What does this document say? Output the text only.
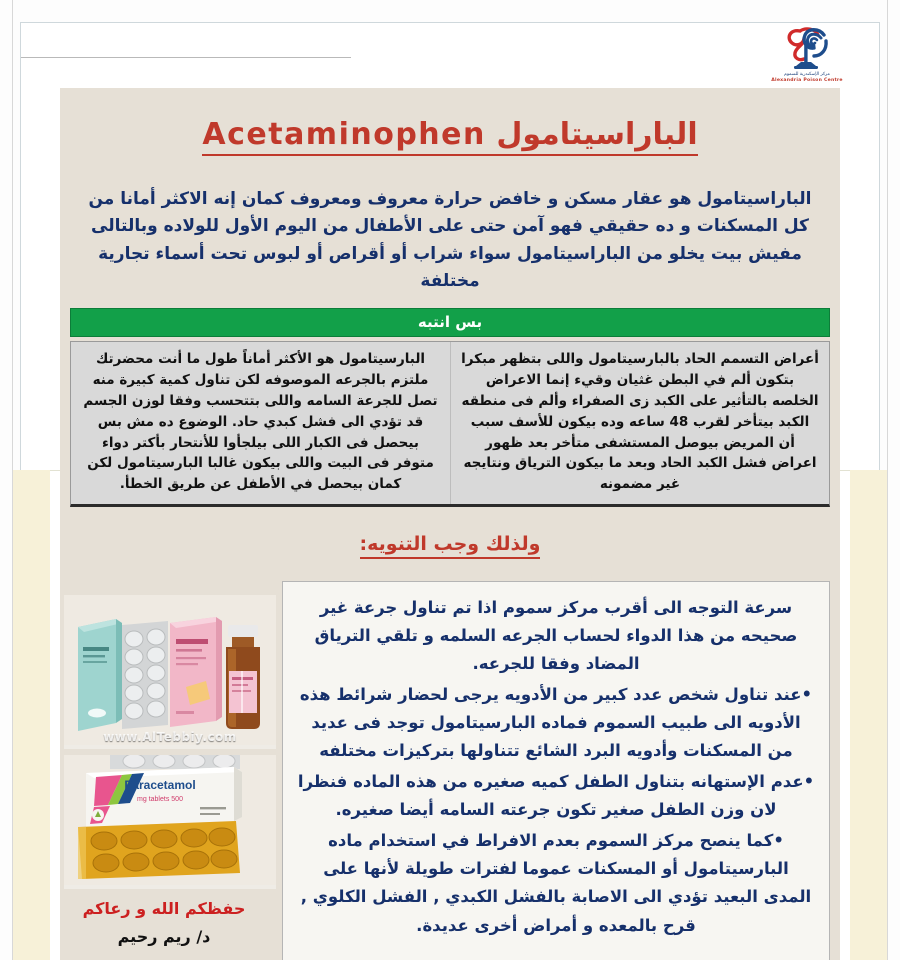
مركز الإسكندرية للسموم
Alexandria Poison Centre
الباراسيتامول Acetaminophen
الباراسيتامول هو عقار مسكن و خافض حرارة معروف ومعروف كمان إنه الاكثر أمانا من كل المسكنات و ده حقيقي فهو آمن حتى على الأطفال من اليوم الأول للولاده وبالتالى مفيش بيت يخلو من الباراسيتامول سواء شراب أو أقراص أو لبوس تحت أسماء تجارية مختلفة
بس انتبه
أعراض التسمم الحاد بالبارسيتامول واللى بتظهر مبكرا بتكون ألم في البطن غثيان وقيء إنما الاعراض الخلصه بالتأثير على الكبد زى الصفراء وألم فى منطقه الكبد بيتأخر لقرب 48 ساعه وده بيكون للأسف سبب أن المريض بيوصل المستشفى متأخر بعد ظهور اعراض فشل الكبد الحاد وبعد ما بيكون الترياق ونتايجه غير مضمونه
البارسيتامول هو الأكثر أماناً طول ما أنت محضرتك ملتزم بالجرعه الموصوفه لكن تناول كمية كبيرة منه تصل للجرعة السامه واللى بتتحسب وفقا لوزن الجسم قد تؤدي الى فشل كبدي حاد. الوضوع ده مش بس بيحصل فى الكبار اللى بيلجأوا للأنتحار بأكتر دواء متوفر فى البيت واللى بيكون غالبا البارسيتامول لكن كمان بيحصل في الأطفل عن طريق الخطأ.
ولذلك وجب التنويه:

سرعة التوجه الى أقرب مركز سموم اذا تم تناول جرعة غير صحيحه من هذا الدواء لحساب الجرعه السلمه و تلقي الترياق المضاد وفقا للجرعه.

•عند تناول شخص عدد كبير من الأدويه يرجى لحضار شرائط هذه الأدويه الى طبيب السموم فماده البارسيتامول توجد فى عديد من المسكنات وأدويه البرد الشائع تتناولها بتركيزات مختلفه

•عدم الإستهانه بتناول الطفل كميه صغيره من هذه الماده فنظرا لان وزن الطفل صغير تكون جرعته السامه أيضا صغيره.

•كما ينصح مركز السموم بعدم الافراط في استخدام ماده البارسيتامول أو المسكنات عموما لفترات طويلة لأنها على المدى البعيد تؤدي الى الاصابة بالفشل الكبدي , الفشل الكلوي , قرح بالمعده و أمراض أخرى عديدة.

www.AlTebbiy.com
Paracetamol
500 mg tablets
حفظكم الله و رعاكم
د/ ريم رحيم
